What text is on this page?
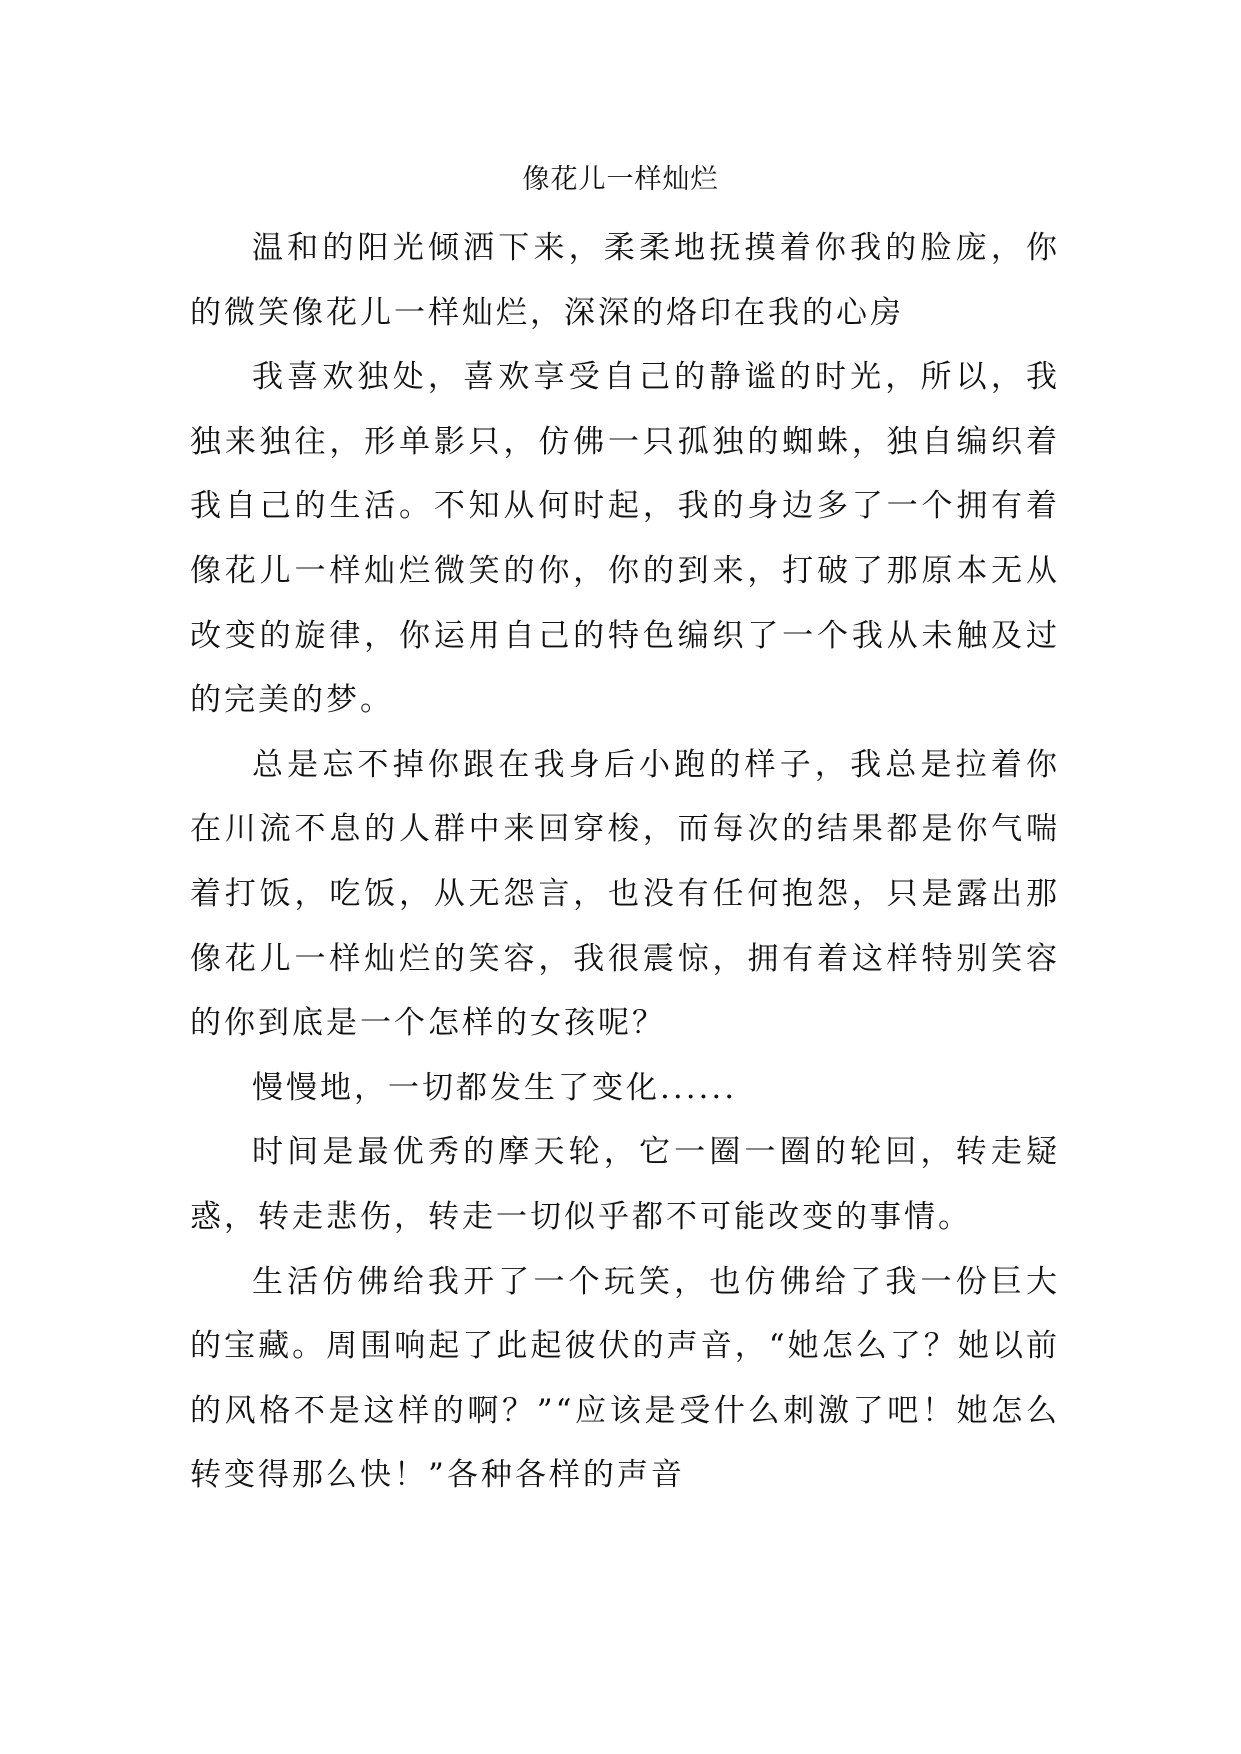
像花儿一样灿烂

温和的阳光倾洒下来，柔柔地抚摸着你我的脸庞，你的微笑像花儿一样灿烂，深深的烙印在我的心房

我喜欢独处，喜欢享受自己的静谧的时光，所以，我独来独往，形单影只，仿佛一只孤独的蜘蛛，独自编织着我自己的生活。不知从何时起，我的身边多了一个拥有着像花儿一样灿烂微笑的你，你的到来，打破了那原本无从改变的旋律，你运用自己的特色编织了一个我从未触及过的完美的梦。

总是忘不掉你跟在我身后小跑的样子，我总是拉着你在川流不息的人群中来回穿梭，而每次的结果都是你气喘着打饭，吃饭，从无怨言，也没有任何抱怨，只是露出那像花儿一样灿烂的笑容，我很震惊，拥有着这样特别笑容的你到底是一个怎样的女孩呢？

慢慢地，一切都发生了变化......

时间是最优秀的摩天轮，它一圈一圈的轮回，转走疑惑，转走悲伤，转走一切似乎都不可能改变的事情。

生活仿佛给我开了一个玩笑，也仿佛给了我一份巨大的宝藏。周围响起了此起彼伏的声音，“她怎么了？她以前的风格不是这样的啊？”“应该是受什么刺激了吧！她怎么转变得那么快！”各种各样的声音
